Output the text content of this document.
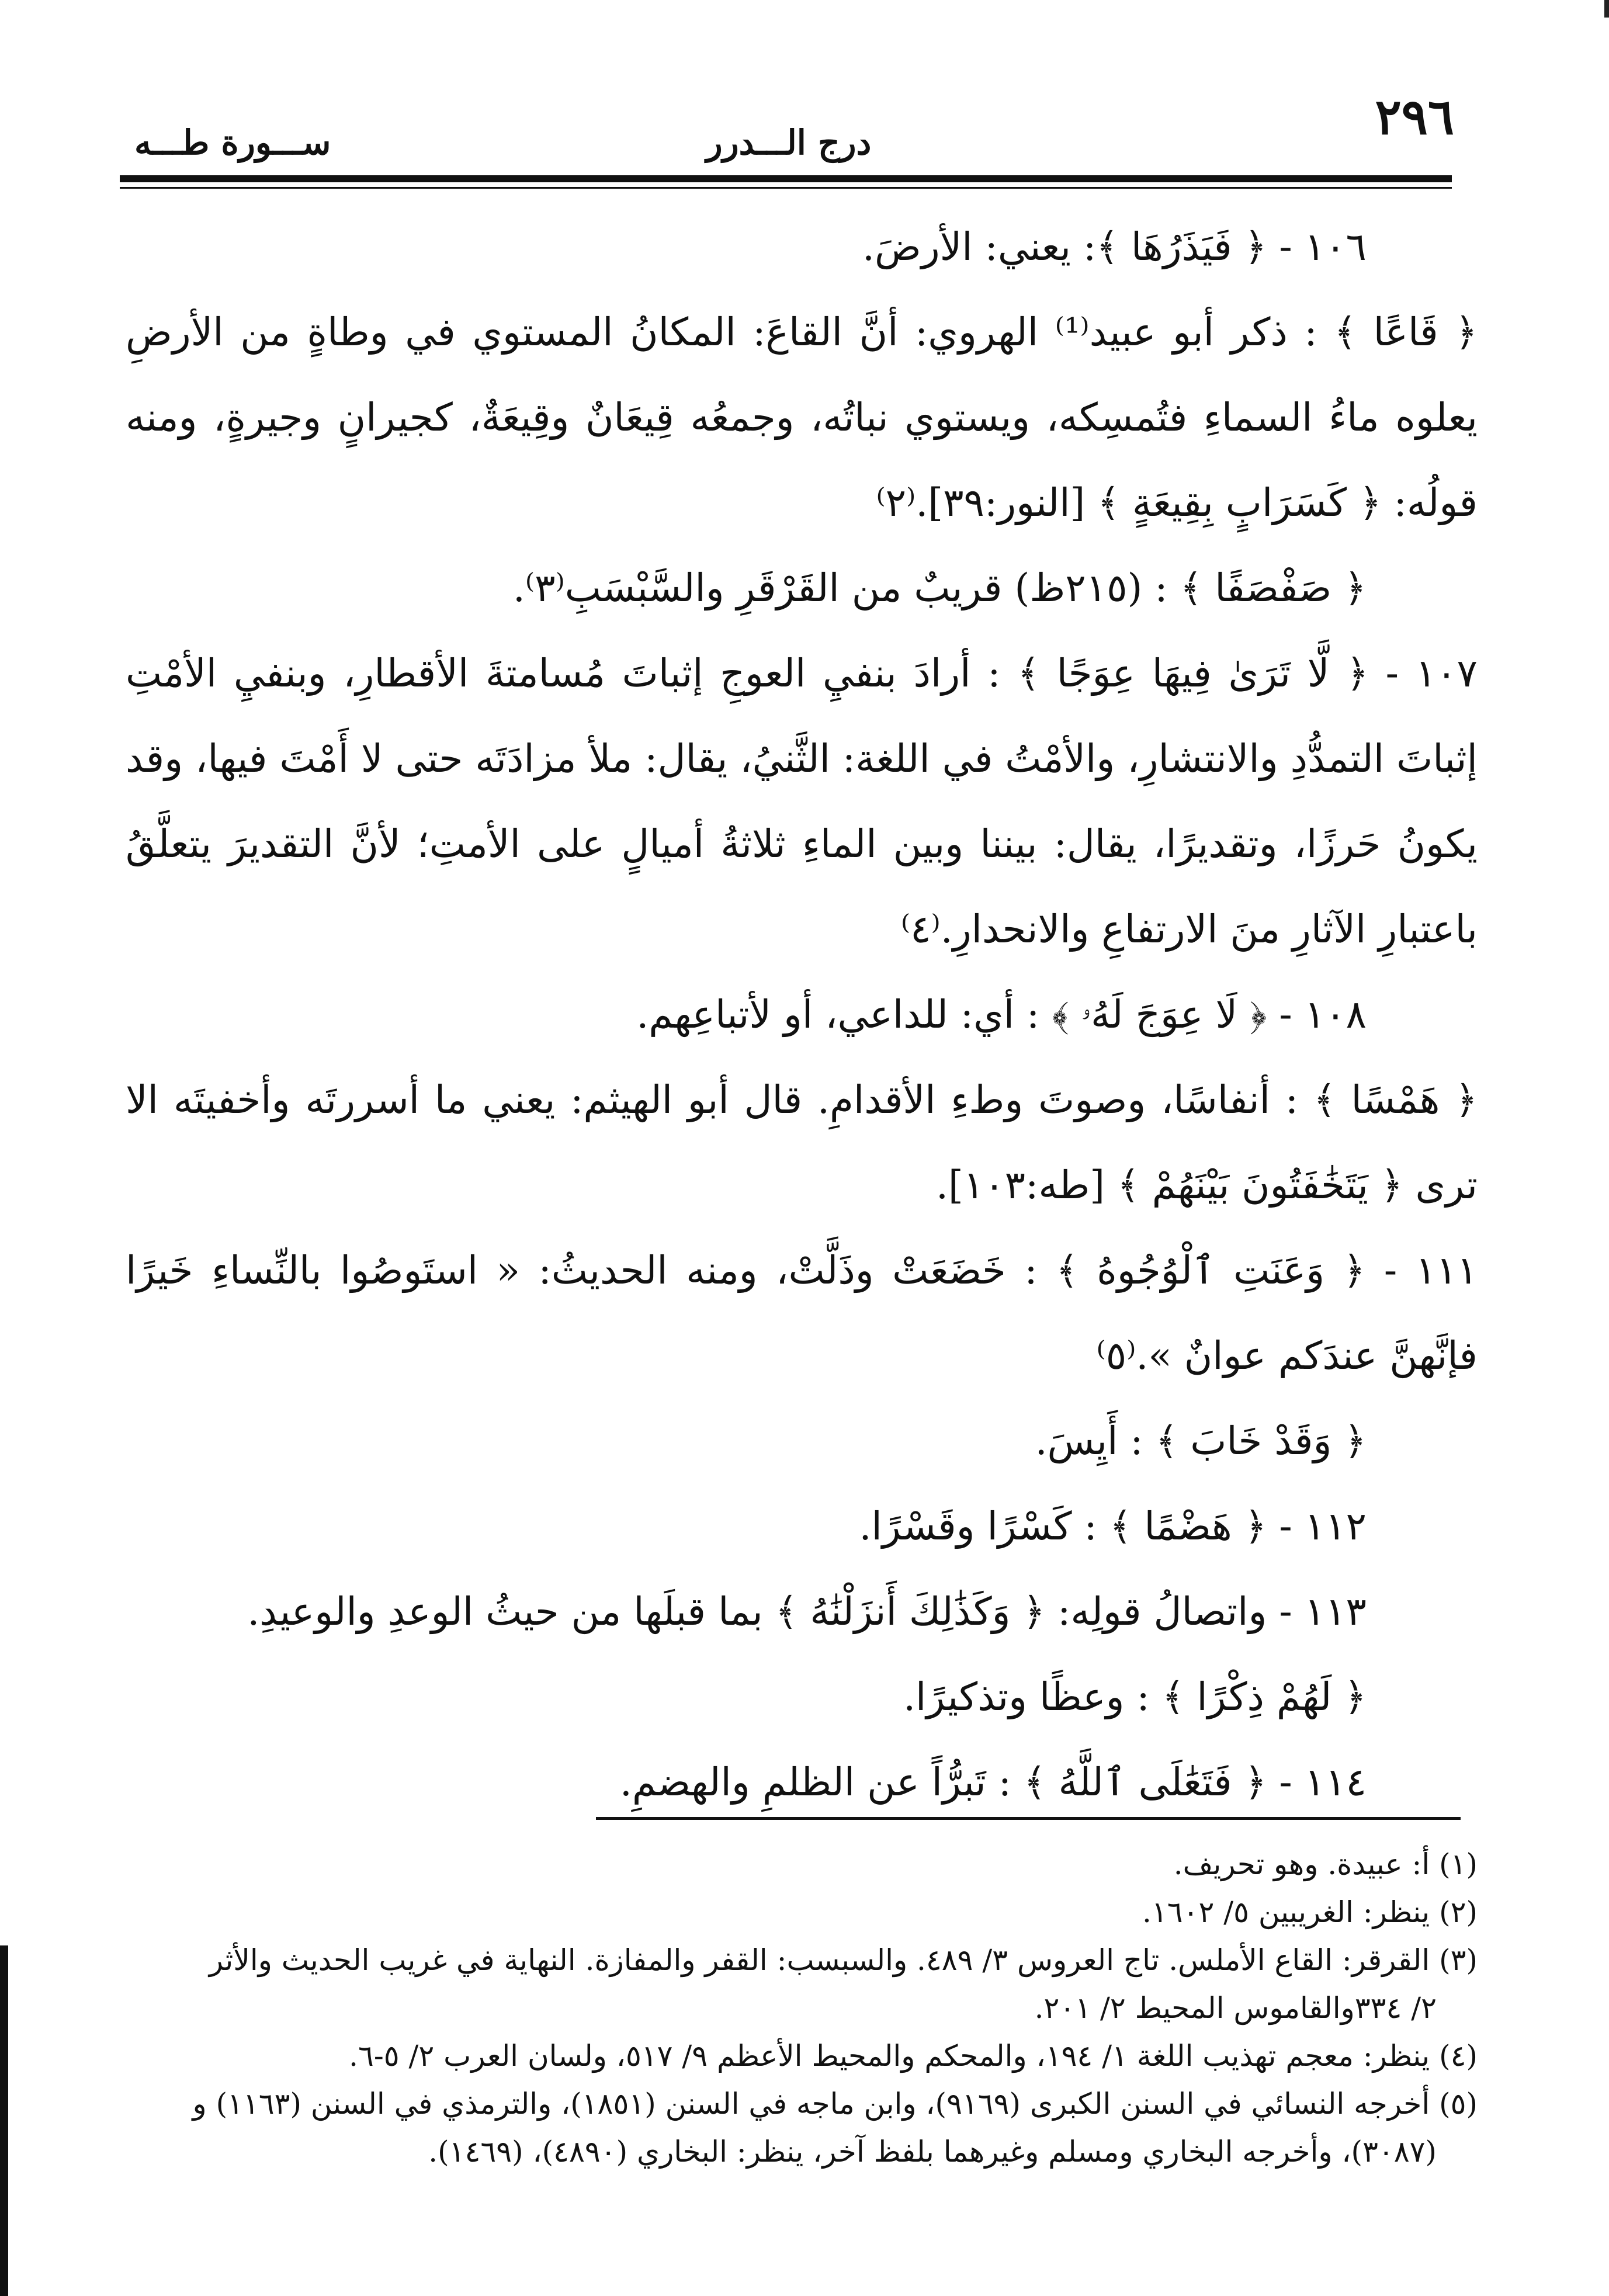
٢٩٦
درج الـــدرر
ســـورة طـــه

١٠٦ - ﴿ فَيَذَرُهَا ﴾: يعني: الأرضَ.

﴿ قَاعًا ﴾ : ذكر أبو عبيد⁽¹⁾ الهروي: أنَّ القاعَ: المكانُ المستوي في وطاةٍ من الأرضِ يعلوه ماءُ السماءِ فتُمسِكه، ويستوي نباتُه، وجمعُه قِيعَانٌ وقِيعَةٌ، كجيرانٍ وجيرةٍ، ومنه قولُه: ﴿ كَسَرَابٍ بِقِيعَةٍ ﴾ [النور:٣٩].⁽٢⁾

﴿ صَفْصَفًا ﴾ : (٢١٥ظ) قريبٌ من القَرْقَرِ والسَّبْسَبِ⁽٣⁾.

١٠٧ - ﴿ لَّا تَرَىٰ فِيهَا عِوَجًا ﴾ : أرادَ بنفيِ العوجِ إثباتَ مُسامتةَ الأقطارِ، وبنفيِ الأمْتِ إثباتَ التمدُّدِ والانتشارِ، والأمْتُ في اللغة: الثَّنيُ، يقال: ملأ مزادَتَه حتى لا أَمْتَ فيها، وقد يكونُ حَرزًا، وتقديرًا، يقال: بيننا وبين الماءِ ثلاثةُ أميالٍ على الأمتِ؛ لأنَّ التقديرَ يتعلَّقُ باعتبارِ الآثارِ منَ الارتفاعِ والانحدارِ.⁽٤⁾

١٠٨ - ﴿ لَا عِوَجَ لَهُۥ ﴾ : أي: للداعي، أو لأتباعِهم.

﴿ هَمْسًا ﴾ : أنفاسًا، وصوتَ وطءِ الأقدامِ. قال أبو الهيثم: يعني ما أسررتَه وأخفيتَه الا ترى ﴿ يَتَخَٰفَتُونَ بَيْنَهُمْ ﴾ [طه:١٠٣].

١١١ - ﴿ وَعَنَتِ ٱلْوُجُوهُ ﴾ : خَضَعَتْ وذَلَّتْ، ومنه الحديثُ: « استَوصُوا بالنِّساءِ خَيرًا فإنَّهنَّ عندَكم عوانٌ ».⁽٥⁾

﴿ وَقَدْ خَابَ ﴾ : أَيِسَ.

١١٢ - ﴿ هَضْمًا ﴾ : كَسْرًا وقَسْرًا.

١١٣ - واتصالُ قولِه: ﴿ وَكَذَٰلِكَ أَنزَلْنَٰهُ ﴾ بما قبلَها من حيثُ الوعدِ والوعيدِ.

﴿ لَهُمْ ذِكْرًا ﴾ : وعظًا وتذكيرًا.

١١٤ - ﴿ فَتَعَٰلَى ٱللَّهُ ﴾ : تَبرُّاً عن الظلمِ والهضمِ.

(١) أ: عبيدة. وهو تحريف.

(٢) ينظر: الغريبين ٥/ ١٦٠٢.

(٣) القرقر: القاع الأملس. تاج العروس ٣/ ٤٨٩. والسبسب: القفر والمفازة. النهاية في غريب الحديث والأثر

٢/ ٣٣٤والقاموس المحيط ٢/ ٢٠١.

(٤) ينظر: معجم تهذيب اللغة ١/ ١٩٤، والمحكم والمحيط الأعظم ٩/ ٥١٧، ولسان العرب ٢/ ٥-٦.

(٥) أخرجه النسائي في السنن الكبرى (٩١٦٩)، وابن ماجه في السنن (١٨٥١)، والترمذي في السنن (١١٦٣) و

(٣٠٨٧)، وأخرجه البخاري ومسلم وغيرهما بلفظ آخر، ينظر: البخاري (٤٨٩٠)، (١٤٦٩).
